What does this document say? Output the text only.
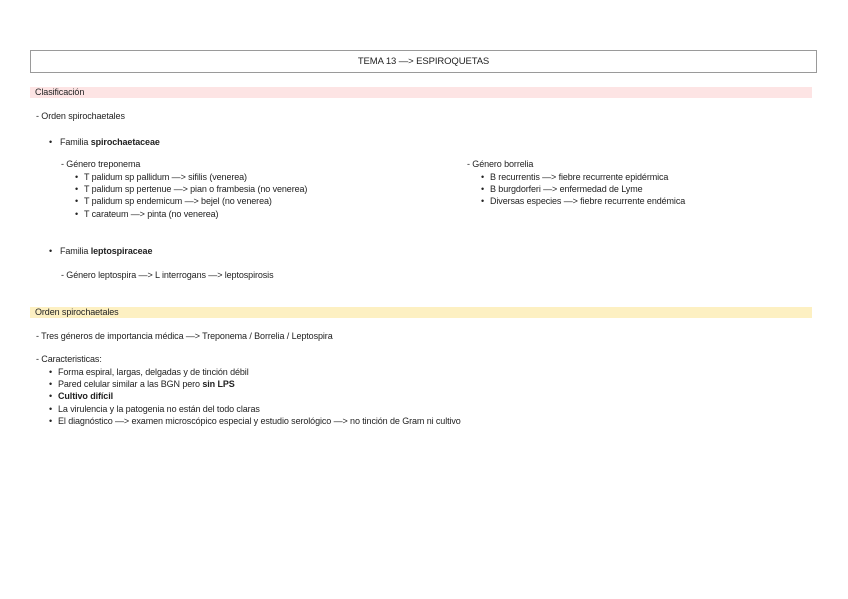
TEMA 13 —> ESPIROQUETAS
Clasificación
- Orden spirochaetales
• Familia spirochaetaceae
- Género treponema
• T palidum sp pallidum —> sifilis (venerea)
• T palidum sp pertenue —> pian o frambesia (no venerea)
• T palidum sp endemicum —> bejel (no venerea)
• T carateum —> pinta (no venerea)
- Género borrelia
• B recurrentis —> fiebre recurrente epidérmica
• B burgdorferi —> enfermedad de Lyme
• Diversas especies —> fiebre recurrente endémica
• Familia leptospiraceae
- Género leptospira —> L interrogans —> leptospirosis
Orden spirochaetales
- Tres géneros de importancia médica —> Treponema / Borrelia / Leptospira
- Caracteristicas:
• Forma espiral, largas, delgadas y de tinción débil
• Pared celular similar a las BGN pero sin LPS
• Cultivo difícil
• La virulencia y la patogenia no están del todo claras
• El diagnóstico —> examen microscópico especial y estudio serológico —> no tinción de Gram ni cultivo
